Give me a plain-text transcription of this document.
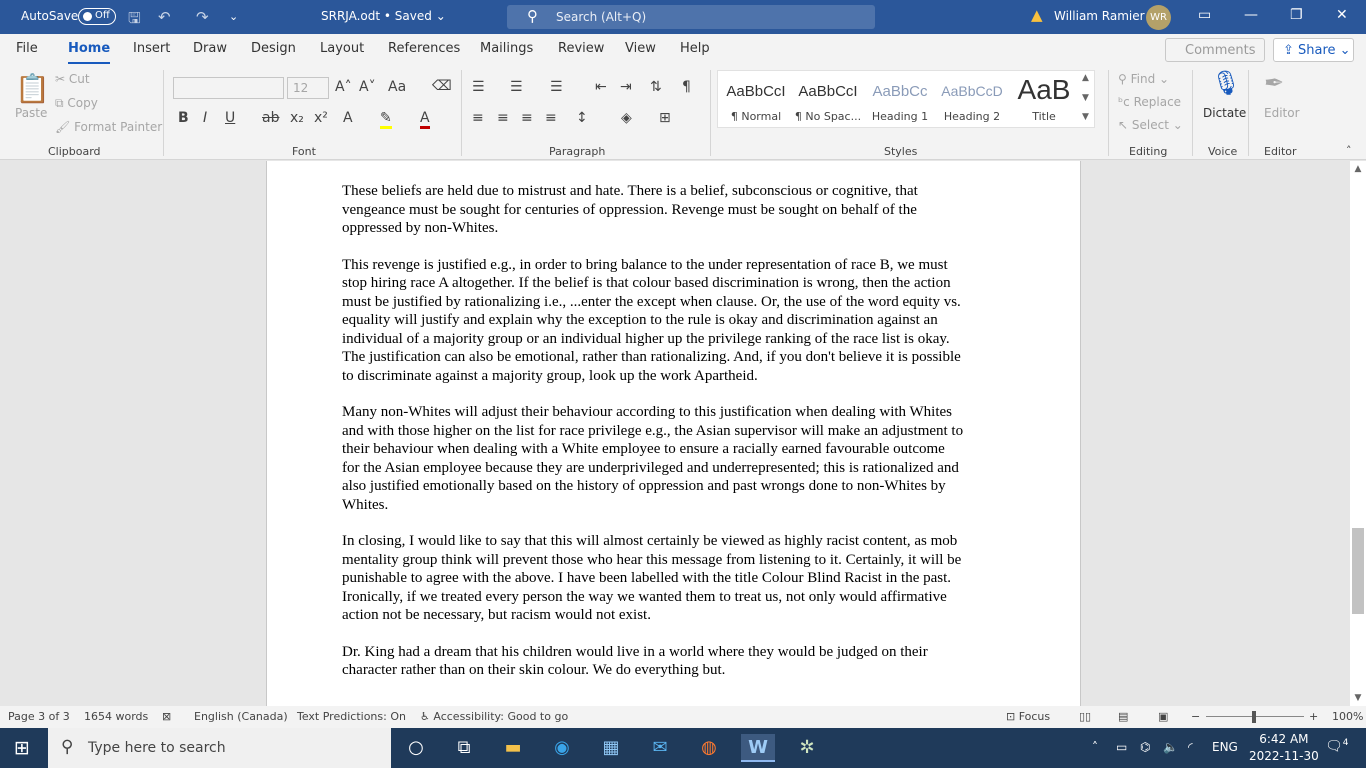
AutoSave Off 🖫 ↶ ↷ ⌄	SRRJA.odt • Saved ⌄	⚲ Search (Alt+Q)	▲ William Ramier WR ▭ — ❐ ✕
File Home Insert Draw Design Layout References Mailings Review View Help	Comments	⇪ Share ⌄
📋
Paste
✂ Cut
⧉ Copy
🖌 Format Painter
Clipboard
12	A˄ A˅ Aa ⌫
B I U ab x₂ x² A ✎ A
Font
☰ ☰ ☰ ⇤ ⇥ ⇅ ¶
≡ ≡ ≡ ≡ ↕ ◈ ⊞
Paragraph
AaBbCcI
¶ Normal
AaBbCcI
¶ No Spac...
AaBbCc
Heading 1
AaBbCcD
Heading 2
AaB
Title
▲
▼
▼
Styles
⚲ Find ⌄
ᵇc Replace
↖ Select ⌄
Editing
🎙
Dictate
Voice
✒
Editor
Editor	˄
These beliefs are held due to mistrust and hate. There is a belief, subconscious or cognitive, that
vengeance must be sought for centuries of oppression. Revenge must be sought on behalf of the
oppressed by non-Whites.
This revenge is justified e.g., in order to bring balance to the under representation of race B, we must
stop hiring race A altogether. If the belief is that colour based discrimination is wrong, then the action
must be justified by rationalizing i.e., ...enter the except when clause. Or, the use of the word equity vs.
equality will justify and explain why the exception to the rule is okay and discrimination against an
individual of a majority group or an individual higher up the privilege ranking of the race list is okay.
The justification can also be emotional, rather than rationalizing. And, if you don't believe it is possible
to discriminate against a majority group, look up the work Apartheid.
Many non-Whites will adjust their behaviour according to this justification when dealing with Whites
and with those higher on the list for race privilege e.g., the Asian supervisor will make an adjustment to
their behaviour when dealing with a White employee to ensure a racially earned favourable outcome
for the Asian employee because they are underprivileged and underrepresented; this is rationalized and
also justified emotionally based on the history of oppression and past wrongs done to non-Whites by
Whites.
In closing, I would like to say that this will almost certainly be viewed as highly racist content, as mob
mentality group think will prevent those who hear this message from listening to it. Certainly, it will be
punishable to agree with the above. I have been labelled with the title Colour Blind Racist in the past.
Ironically, if we treated every person the way we wanted them to treat us, not only would affirmative
action not be necessary, but racism would not exist.
Dr. King had a dream that his children would live in a world where they would be judged on their
character rather than on their skin colour. We do everything but.
▲
▼
Page 3 of 3 1654 words ⊠ English (Canada) Text Predictions: On ♿ Accessibility: Good to go	⊡ Focus	▯▯ ▤	▣ −	+ 100%
⊞ ⚲ Type here to search	○	⧉	▬	◉	▦	✉	◍	W	✲	˄ ▭ ⌬ 🔈 ◜ ENG
6:42 AM
2022-11-30
🗨$^4$
